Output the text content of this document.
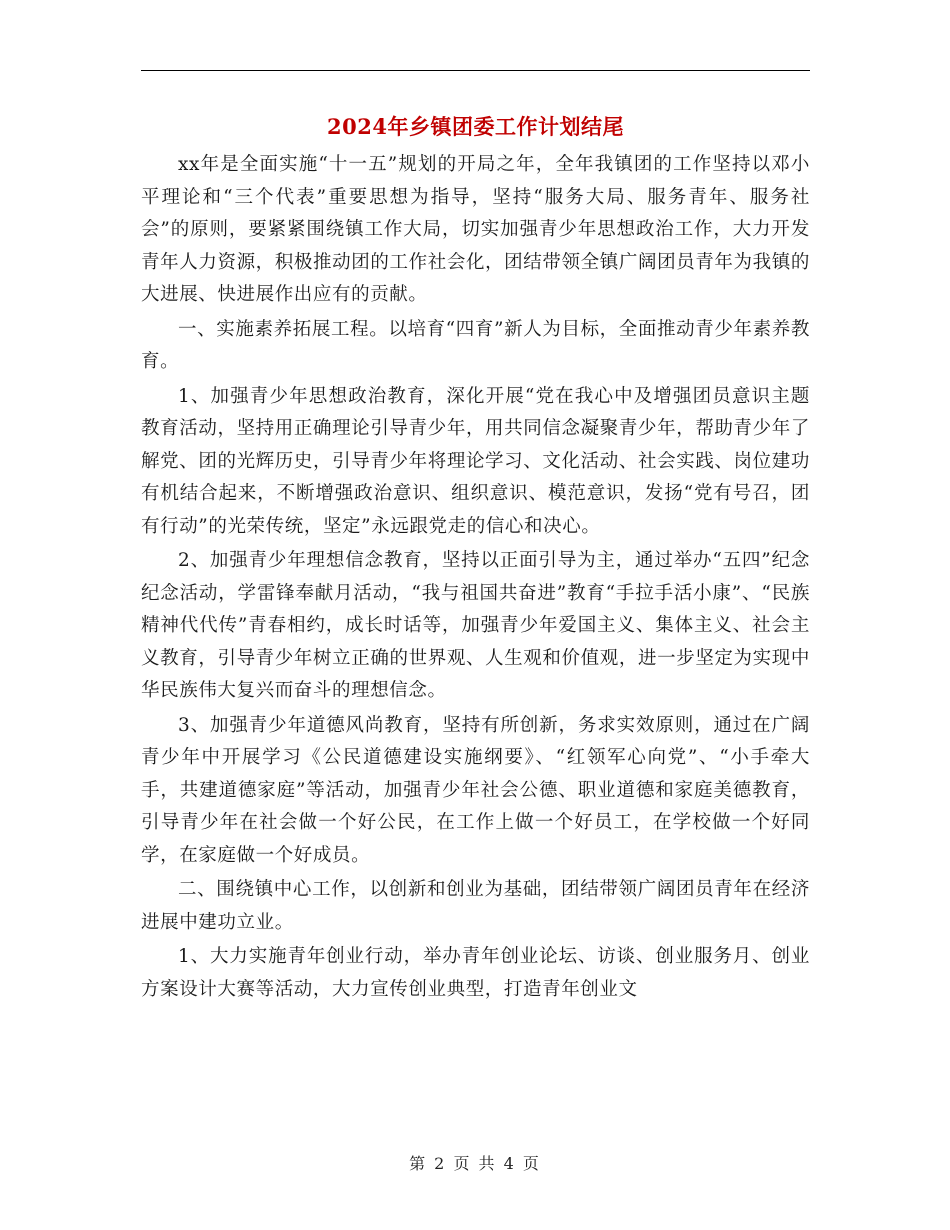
2024年乡镇团委工作计划结尾

xx年是全面实施“十一五”规划的开局之年，全年我镇团的工作坚持以邓小平理论和“三个代表”重要思想为指导，坚持“服务大局、服务青年、服务社会”的原则，要紧紧围绕镇工作大局，切实加强青少年思想政治工作，大力开发青年人力资源，积极推动团的工作社会化，团结带领全镇广阔团员青年为我镇的大进展、快进展作出应有的贡献。

一、实施素养拓展工程。以培育“四育”新人为目标，全面推动青少年素养教育。

1、加强青少年思想政治教育，深化开展“党在我心中及增强团员意识主题教育活动，坚持用正确理论引导青少年，用共同信念凝聚青少年，帮助青少年了解党、团的光辉历史，引导青少年将理论学习、文化活动、社会实践、岗位建功有机结合起来，不断增强政治意识、组织意识、模范意识，发扬“党有号召，团有行动”的光荣传统，坚定”永远跟党走的信心和决心。

2、加强青少年理想信念教育，坚持以正面引导为主，通过举办“五四”纪念纪念活动，学雷锋奉献月活动，“我与祖国共奋进”教育“手拉手活小康”、“民族精神代代传”青春相约，成长时话等，加强青少年爱国主义、集体主义、社会主义教育，引导青少年树立正确的世界观、人生观和价值观，进一步坚定为实现中华民族伟大复兴而奋斗的理想信念。

3、加强青少年道德风尚教育，坚持有所创新，务求实效原则，通过在广阔青少年中开展学习《公民道德建设实施纲要》、“红领军心向党”、“小手牵大手，共建道德家庭”等活动，加强青少年社会公德、职业道德和家庭美德教育，引导青少年在社会做一个好公民，在工作上做一个好员工，在学校做一个好同学，在家庭做一个好成员。

二、围绕镇中心工作，以创新和创业为基础，团结带领广阔团员青年在经济进展中建功立业。

1、大力实施青年创业行动，举办青年创业论坛、访谈、创业服务月、创业方案设计大赛等活动，大力宣传创业典型，打造青年创业文

第 2 页 共 4 页
